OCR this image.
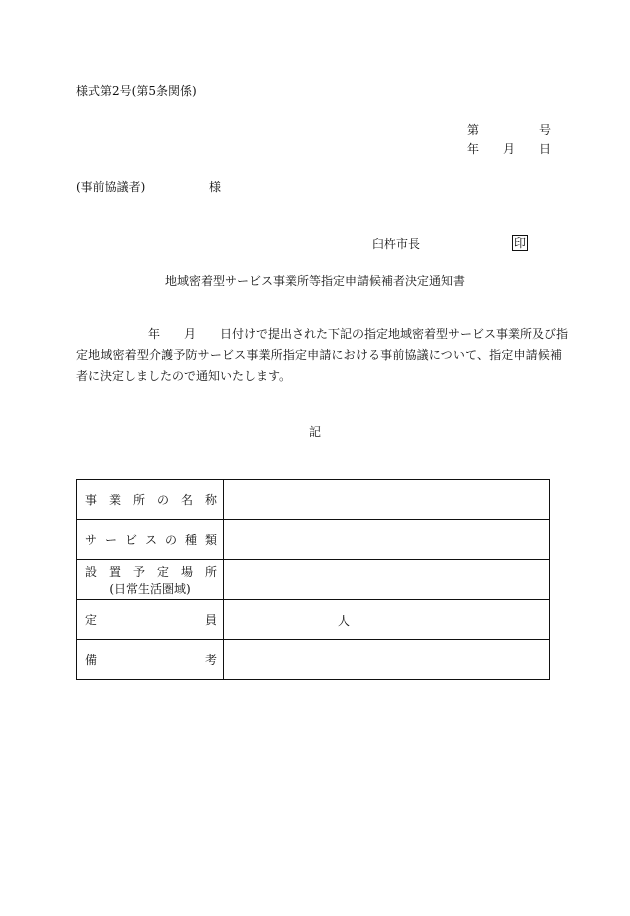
様式第2号(第5条関係)
第	号
年 月 日
(事前協議者)	様
臼杵市長	印
地域密着型サービス事業所等指定申請候補者決定通知書
　　　　　　年　　月　　日付けで提出された下記の指定地域密着型サービス事業所及び指
定地域密着型介護予防サービス事業所指定申請における事前協議について、指定申請候補
者に決定しましたので通知いたします。
記
事業所の名称	

サービスの種類	

設置予定場所
(日常生活圏域)	

定員	人

備考	
